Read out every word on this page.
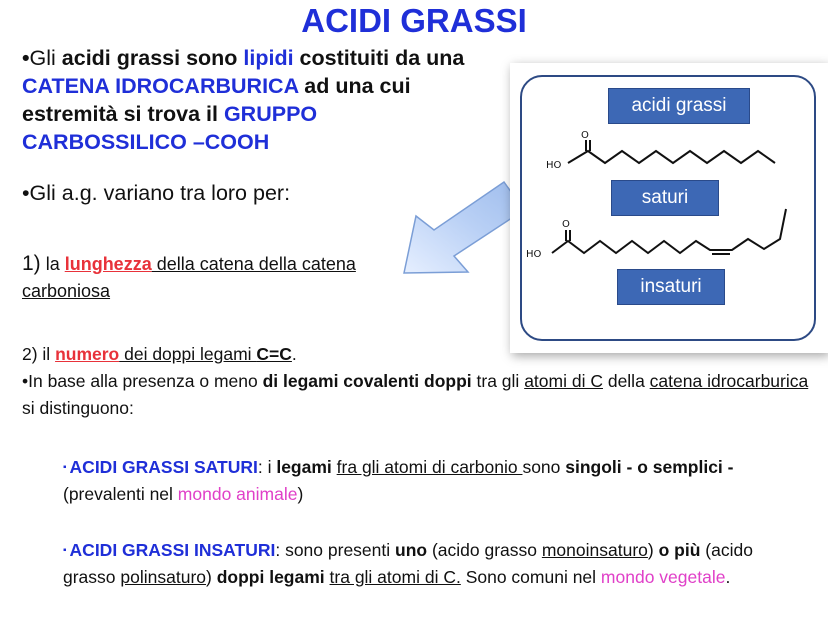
ACIDI GRASSI
•Gli acidi grassi sono lipidi costituiti da una CATENA IDROCARBURICA ad una cui estremità si trova il GRUPPO CARBOSSILICO –COOH
•Gli a.g. variano tra loro per:
1) la lunghezza della catena della catena carboniosa
2) il numero dei doppi legami C=C.
•In base alla presenza o meno di legami covalenti doppi tra gli atomi di C della catena idrocarburica si distinguono:
▪ ACIDI GRASSI SATURI: i legami fra gli atomi di carbonio sono singoli - o semplici - (prevalenti nel mondo animale)
▪ ACIDI GRASSI INSATURI: sono presenti uno (acido grasso monoinsaturo) o più (acido grasso polinsaturo) doppi legami tra gli atomi di C. Sono comuni nel mondo vegetale.
acidi grassi
saturi
insaturi
O
HO
O
HO
